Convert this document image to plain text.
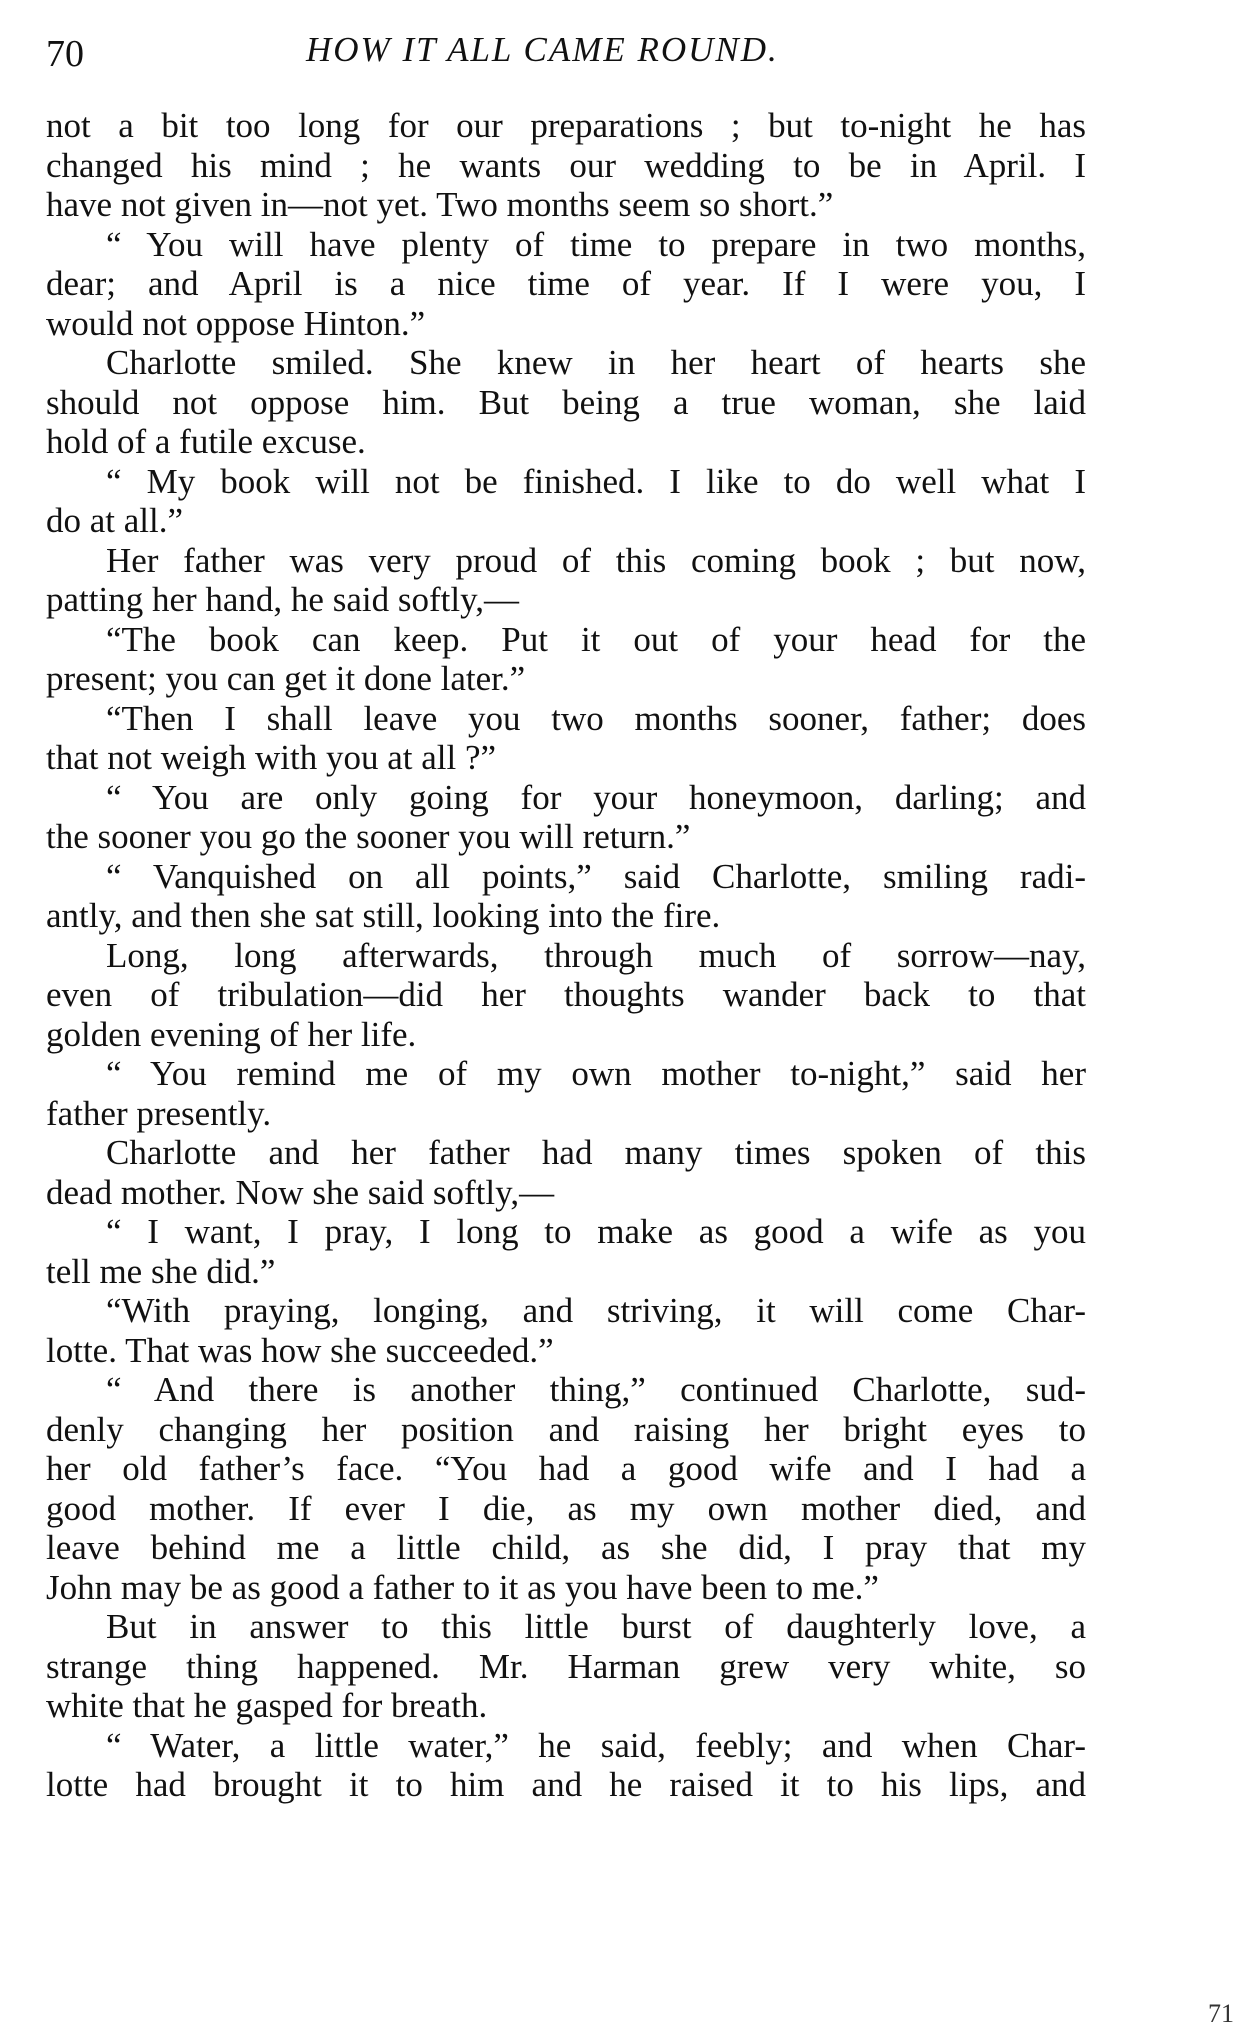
70	HOW IT ALL CAME ROUND.
not a bit too long for our preparations ; but to-night he has
changed his mind ; he wants our wedding to be in April. I
have not given in—not yet. Two months seem so short.”
“ You will have plenty of time to prepare in two months,
dear; and April is a nice time of year. If I were you, I
would not oppose Hinton.”
Charlotte smiled. She knew in her heart of hearts she
should not oppose him. But being a true woman, she laid
hold of a futile excuse.
“ My book will not be finished. I like to do well what I
do at all.”
Her father was very proud of this coming book ; but now,
patting her hand, he said softly,—
“The book can keep. Put it out of your head for the
present; you can get it done later.”
“Then I shall leave you two months sooner, father; does
that not weigh with you at all ?”
“ You are only going for your honeymoon, darling; and
the sooner you go the sooner you will return.”
“ Vanquished on all points,” said Charlotte, smiling radi-
antly, and then she sat still, looking into the fire.
Long, long afterwards, through much of sorrow—nay,
even of tribulation—did her thoughts wander back to that
golden evening of her life.
“ You remind me of my own mother to-night,” said her
father presently.
Charlotte and her father had many times spoken of this
dead mother. Now she said softly,—
“ I want, I pray, I long to make as good a wife as you
tell me she did.”
“With praying, longing, and striving, it will come Char-
lotte. That was how she succeeded.”
“ And there is another thing,” continued Charlotte, sud-
denly changing her position and raising her bright eyes to
her old father’s face. “You had a good wife and I had a
good mother. If ever I die, as my own mother died, and
leave behind me a little child, as she did, I pray that my
John may be as good a father to it as you have been to me.”
But in answer to this little burst of daughterly love, a
strange thing happened. Mr. Harman grew very white, so
white that he gasped for breath.
“ Water, a little water,” he said, feebly; and when Char-
lotte had brought it to him and he raised it to his lips, and
71
